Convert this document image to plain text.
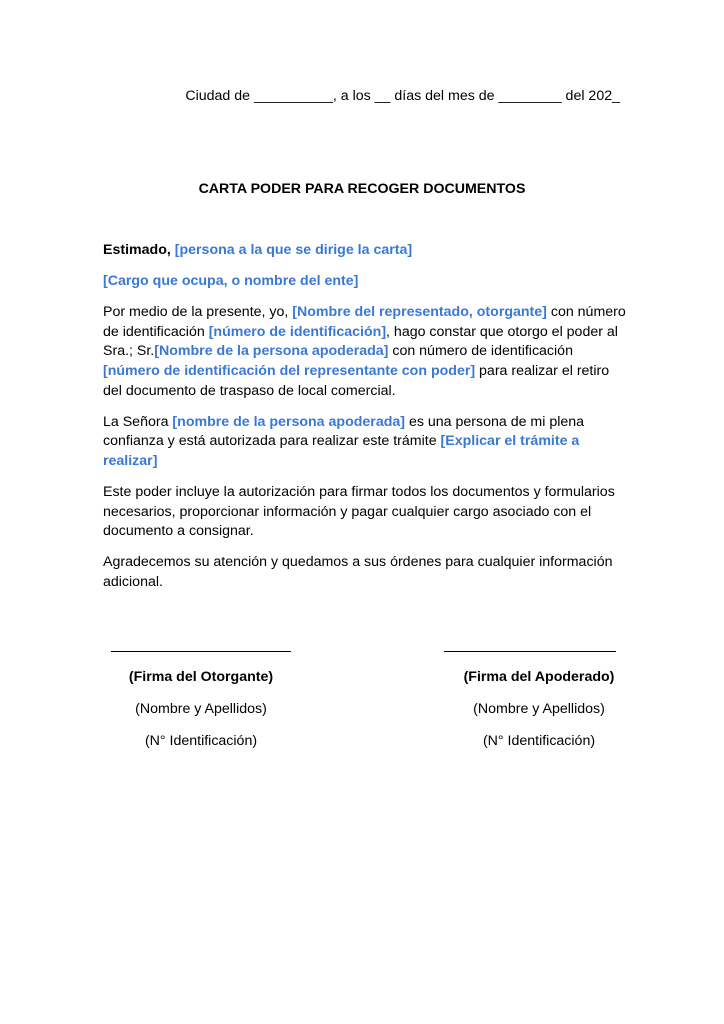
Ciudad de __________, a los __ días del mes de ________ del 202_
CARTA PODER PARA RECOGER DOCUMENTOS

Estimado, [persona a la que se dirige la carta]

[Cargo que ocupa, o nombre del ente]

Por medio de la presente, yo, [Nombre del representado, otorgante] con número de identificación [número de identificación], hago constar que otorgo el poder al Sra.; Sr.[Nombre de la persona apoderada] con número de identificación [número de identificación del representante con poder] para realizar el retiro del documento de traspaso de local comercial.

La Señora [nombre de la persona apoderada] es una persona de mi plena confianza y está autorizada para realizar este trámite [Explicar el trámite a realizar]

Este poder incluye la autorización para firmar todos los documentos y formularios necesarios, proporcionar información y pagar cualquier cargo asociado con el documento a consignar.

Agradecemos su atención y quedamos a sus órdenes para cualquier información adicional.

(Firma del Otorgante)
(Nombre y Apellidos)
(N° Identificación)
(Firma del Apoderado)
(Nombre y Apellidos)
(N° Identificación)
